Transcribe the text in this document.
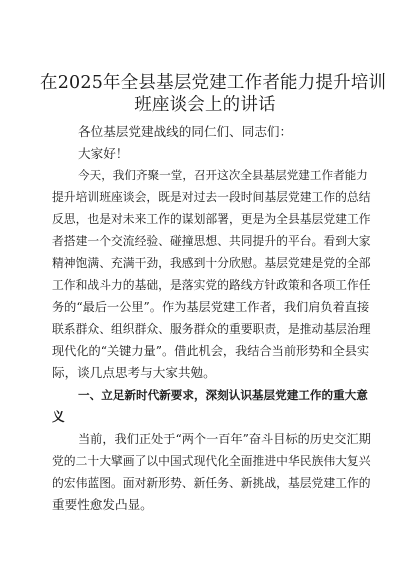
在2025年全县基层党建工作者能力提升培训
班座谈会上的讲话
各位基层党建战线的同仁们、同志们：
大家好！
今天，我们齐聚一堂，召开这次全县基层党建工作者能力
提升培训班座谈会，既是对过去一段时间基层党建工作的总结
反思，也是对未来工作的谋划部署，更是为全县基层党建工作
者搭建一个交流经验、碰撞思想、共同提升的平台。看到大家
精神饱满、充满干劲，我感到十分欣慰。基层党建是党的全部
工作和战斗力的基础，是落实党的路线方针政策和各项工作任
务的“最后一公里”。作为基层党建工作者，我们肩负着直接
联系群众、组织群众、服务群众的重要职责，是推动基层治理
现代化的“关键力量”。借此机会，我结合当前形势和全县实
际，谈几点思考与大家共勉。
一、立足新时代新要求，深刻认识基层党建工作的重大意
义
当前，我们正处于“两个一百年”奋斗目标的历史交汇期
党的二十大擘画了以中国式现代化全面推进中华民族伟大复兴
的宏伟蓝图。面对新形势、新任务、新挑战，基层党建工作的
重要性愈发凸显。
